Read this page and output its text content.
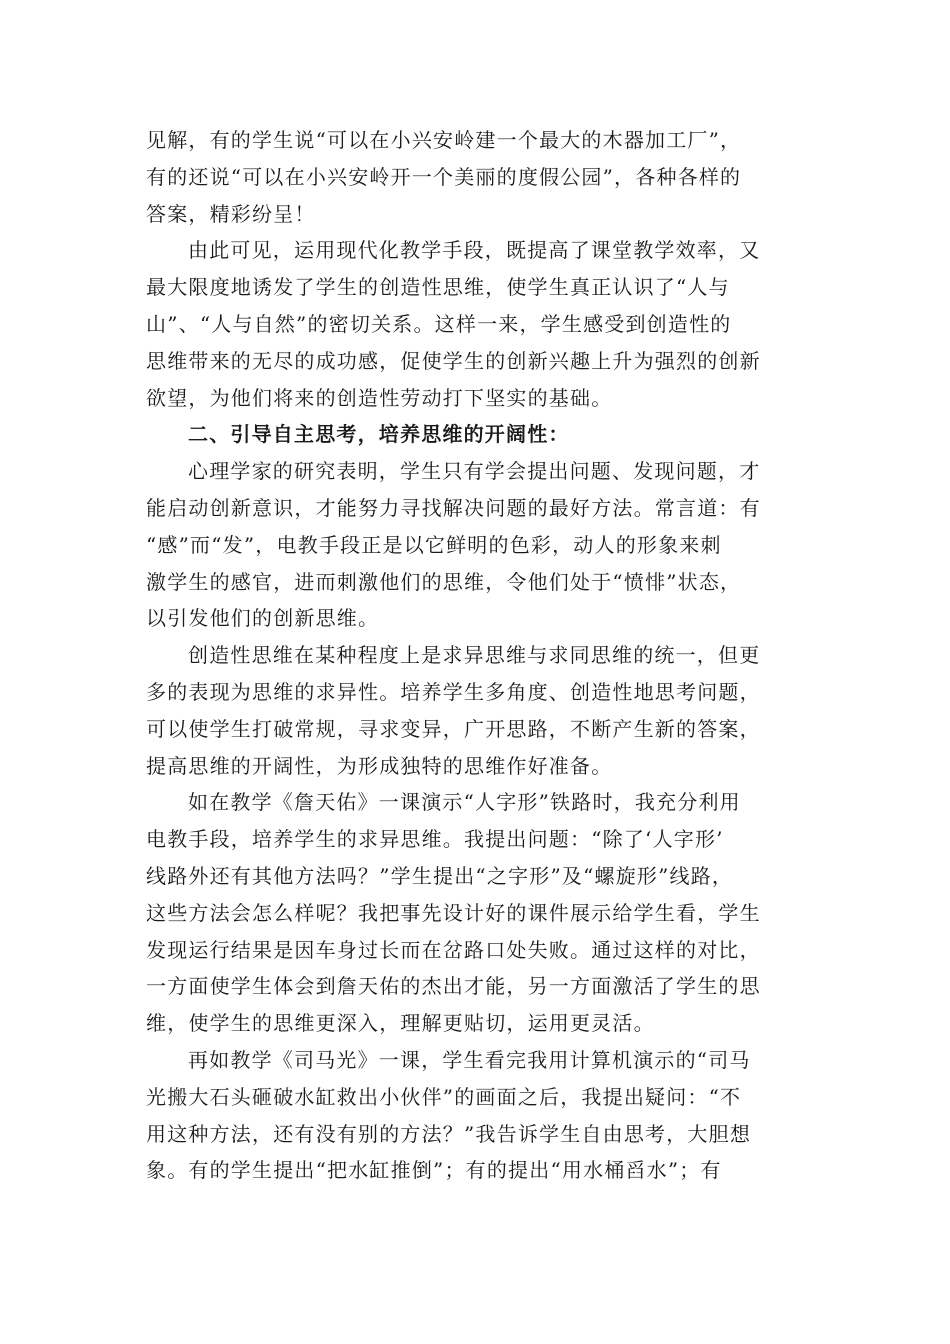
见解，有的学生说“可以在小兴安岭建一个最大的木器加工厂”，
有的还说“可以在小兴安岭开一个美丽的度假公园”，各种各样的
答案，精彩纷呈！
由此可见，运用现代化教学手段，既提高了课堂教学效率，又
最大限度地诱发了学生的创造性思维，使学生真正认识了“人与
山”、“人与自然”的密切关系。这样一来，学生感受到创造性的
思维带来的无尽的成功感，促使学生的创新兴趣上升为强烈的创新
欲望，为他们将来的创造性劳动打下坚实的基础。
二、引导自主思考，培养思维的开阔性：
心理学家的研究表明，学生只有学会提出问题、发现问题，才
能启动创新意识，才能努力寻找解决问题的最好方法。常言道：有
“感”而“发”，电教手段正是以它鲜明的色彩，动人的形象来刺
激学生的感官，进而刺激他们的思维，令他们处于“愤悱”状态，
以引发他们的创新思维。
创造性思维在某种程度上是求异思维与求同思维的统一，但更
多的表现为思维的求异性。培养学生多角度、创造性地思考问题，
可以使学生打破常规，寻求变异，广开思路，不断产生新的答案，
提高思维的开阔性，为形成独特的思维作好准备。
如在教学《詹天佑》一课演示“人字形”铁路时，我充分利用
电教手段，培养学生的求异思维。我提出问题：“除了‘人字形’
线路外还有其他方法吗？”学生提出“之字形”及“螺旋形”线路，
这些方法会怎么样呢？我把事先设计好的课件展示给学生看，学生
发现运行结果是因车身过长而在岔路口处失败。通过这样的对比，
一方面使学生体会到詹天佑的杰出才能，另一方面激活了学生的思
维，使学生的思维更深入，理解更贴切，运用更灵活。
再如教学《司马光》一课，学生看完我用计算机演示的“司马
光搬大石头砸破水缸救出小伙伴”的画面之后，我提出疑问：“不
用这种方法，还有没有别的方法？”我告诉学生自由思考，大胆想
象。有的学生提出“把水缸推倒”；有的提出“用水桶舀水”；有
